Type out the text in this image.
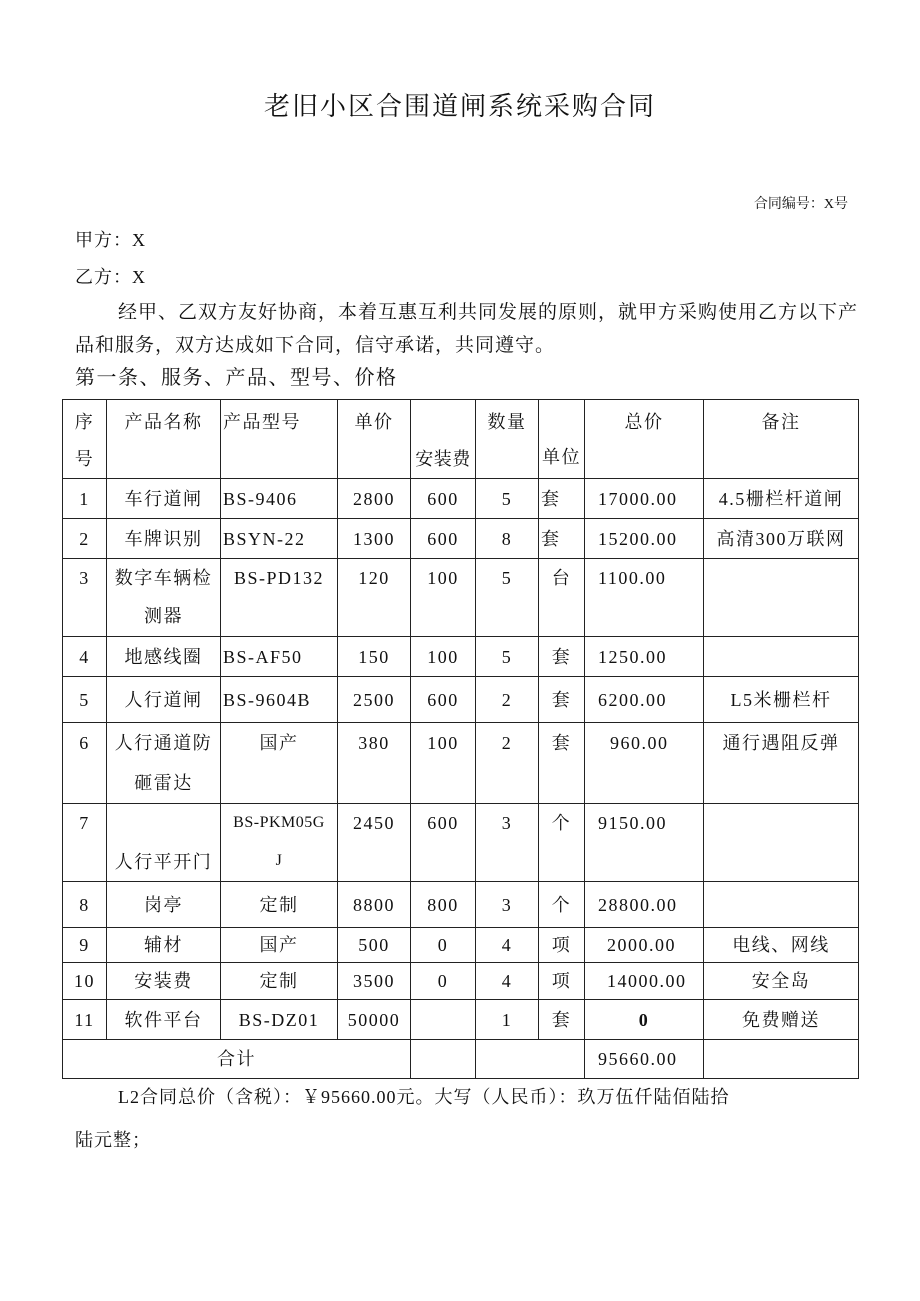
老旧小区合围道闸系统采购合同
合同编号：X号
甲方：X
乙方：X

经甲、乙双方友好协商，本着互惠互利共同发展的原则，就甲方采购使用乙方以下产品和服务，双方达成如下合同，信守承诺，共同遵守。

第一条、服务、产品、型号、价格
序号	产品名称	产品型号	单价	安装费	数量	单位	总价	备注
1	车行道闸	BS-9406	2800	600	5	套	17000.00	4.5栅栏杆道闸
2	车牌识别	BSYN-22	1300	600	8	套	15200.00	高清300万联网
3	数字车辆检测器	BS-PD132	120	100	5	台	1100.00	
4	地感线圈	BS-AF50	150	100	5	套	1250.00	
5	人行道闸	BS-9604B	2500	600	2	套	6200.00	L5米栅栏杆
6	人行通道防砸雷达	国产	380	100	2	套	960.00	通行遇阻反弹
7	人行平开门	BS-PKM05GJ	2450	600	3	个	9150.00	
8	岗亭	定制	8800	800	3	个	28800.00	
9	辅材	国产	500	0	4	项	2000.00	电线、网线
10	安装费	定制	3500	0	4	项	14000.00	安全岛
11	软件平台	BS-DZ01	50000		1	套	0	免费赠送
合计							95660.00	
L2合同总价（含税）：￥95660.00元。大写（人民币）：玖万伍仟陆佰陆拾
陆元整；
